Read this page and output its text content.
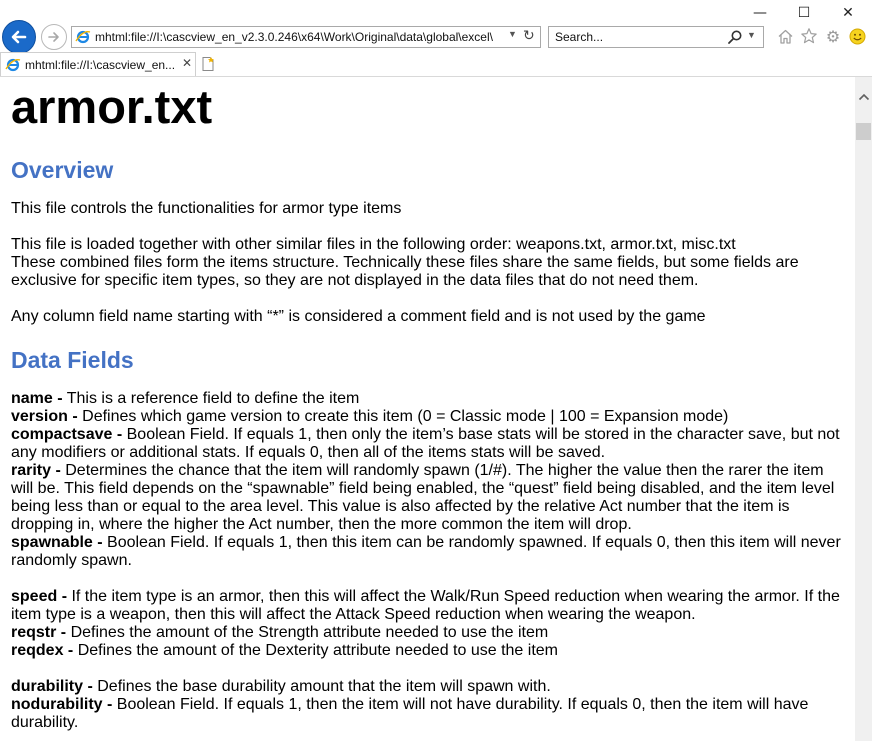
—	☐	✕
mhtml:file://I:\cascview_en_v2.3.0.246\x64\Work\Original\data\global\excel\	▼ ↻ Search...	▼	⚙
mhtml:file://I:\cascview_en... ✕
armor.txt
Overview

This file controls the functionalities for armor type items

This file is loaded together with other similar files in the following order: weapons.txt, armor.txt, misc.txt

These combined files form the items structure. Technically these files share the same fields, but some fields are exclusive for specific item types, so they are not displayed in the data files that do not need them.

Any column field name starting with “*” is considered a comment field and is not used by the game

Data Fields

name - This is a reference field to define the item

version - Defines which game version to create this item (0 = Classic mode | 100 = Expansion mode)

compactsave - Boolean Field. If equals 1, then only the item’s base stats will be stored in the character save, but not any modifiers or additional stats. If equals 0, then all of the items stats will be saved.

rarity - Determines the chance that the item will randomly spawn (1/#). The higher the value then the rarer the item will be. This field depends on the “spawnable” field being enabled, the “quest” field being disabled, and the item level being less than or equal to the area level. This value is also affected by the relative Act number that the item is dropping in, where the higher the Act number, then the more common the item will drop.

spawnable - Boolean Field. If equals 1, then this item can be randomly spawned. If equals 0, then this item will never randomly spawn.

speed - If the item type is an armor, then this will affect the Walk/Run Speed reduction when wearing the armor. If the item type is a weapon, then this will affect the Attack Speed reduction when wearing the weapon.

reqstr - Defines the amount of the Strength attribute needed to use the item

reqdex - Defines the amount of the Dexterity attribute needed to use the item

durability - Defines the base durability amount that the item will spawn with.

nodurability - Boolean Field. If equals 1, then the item will not have durability. If equals 0, then the item will have durability.
